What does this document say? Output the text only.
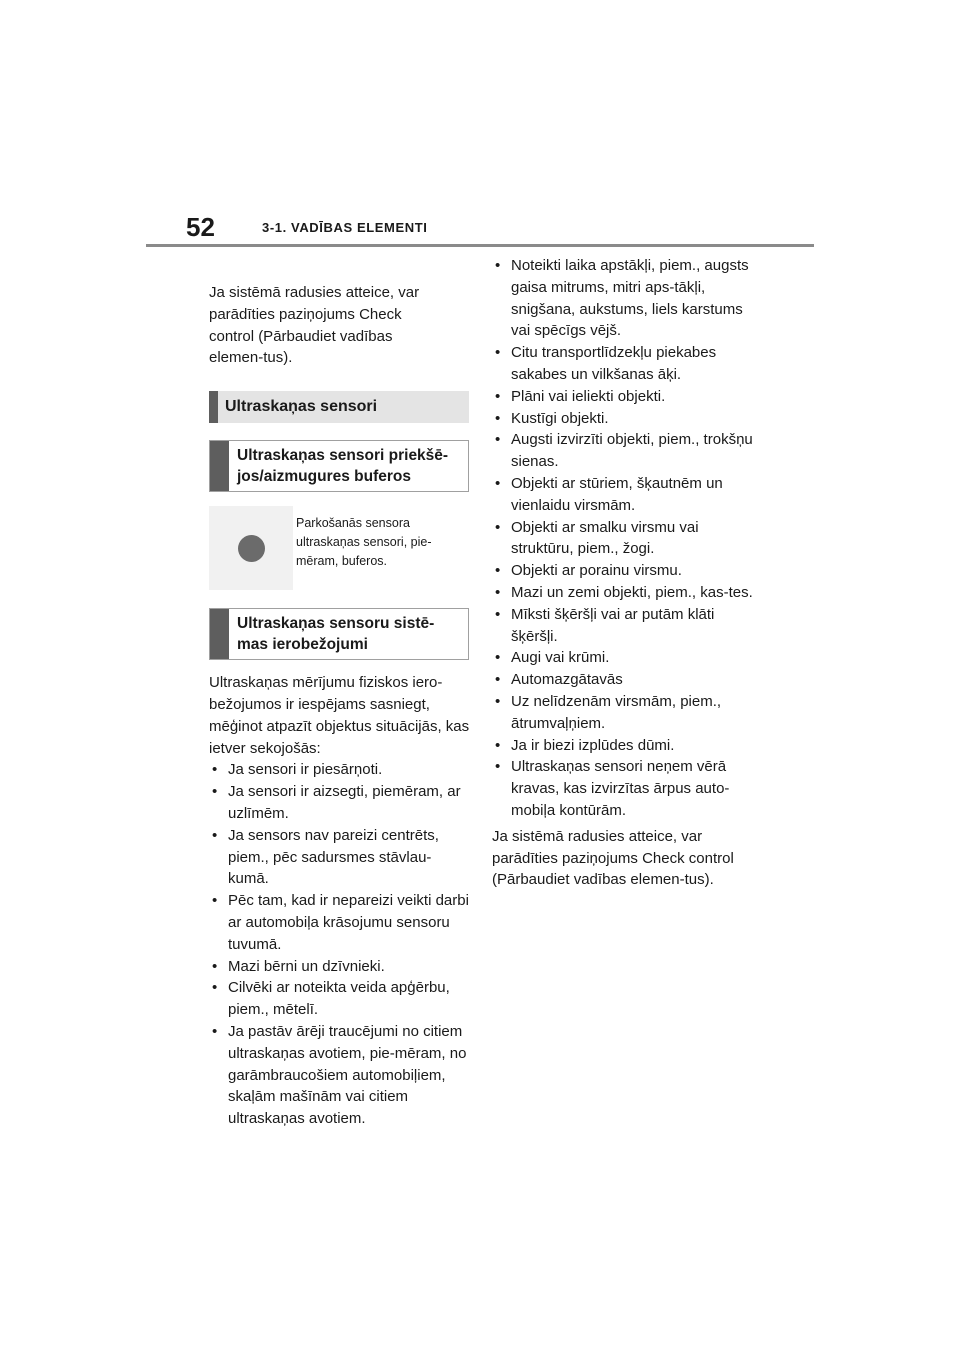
52	3-1. VADĪBAS ELEMENTI

Ja sistēmā radusies atteice, var parādīties paziņojums Check control (Pārbaudiet vadības elemen-tus).

Ultraskaņas sensori
Ultraskaņas sensori priekšē-jos/aizmugures buferos
Parkošanās sensora ultraskaņas sensori, pie-mēram, buferos.
Ultraskaņas sensoru sistē-mas ierobežojumi

Ultraskaņas mērījumu fiziskos iero-bežojumos ir iespējams sasniegt, mēģinot atpazīt objektus situācijās, kas ietver sekojošās:

• Ja sensori ir piesārņoti.
• Ja sensori ir aizsegti, piemēram, ar uzlīmēm.
• Ja sensors nav pareizi centrēts, piem., pēc sadursmes stāvlau-kumā.
• Pēc tam, kad ir nepareizi veikti darbi ar automobiļa krāsojumu sensoru tuvumā.
• Mazi bērni un dzīvnieki.
• Cilvēki ar noteikta veida apģērbu, piem., mētelī.
• Ja pastāv ārēji traucējumi no citiem ultraskaņas avotiem, pie-mēram, no garāmbraucošiem automobiļiem, skaļām mašīnām vai citiem ultraskaņas avotiem.
• Noteikti laika apstākļi, piem., augsts gaisa mitrums, mitri aps-tākļi, snigšana, aukstums, liels karstums vai spēcīgs vējš.
• Citu transportlīdzekļu piekabes sakabes un vilkšanas āķi.
• Plāni vai ieliekti objekti.
• Kustīgi objekti.
• Augsti izvirzīti objekti, piem., trokšņu sienas.
• Objekti ar stūriem, šķautnēm un vienlaidu virsmām.
• Objekti ar smalku virsmu vai struktūru, piem., žogi.
• Objekti ar porainu virsmu.
• Mazi un zemi objekti, piem., kas-tes.
• Mīksti šķēršļi vai ar putām klāti šķēršļi.
• Augi vai krūmi.
• Automazgātavās
• Uz nelīdzenām virsmām, piem., ātrumvaļņiem.
• Ja ir biezi izplūdes dūmi.
• Ultraskaņas sensori neņem vērā kravas, kas izvirzītas ārpus auto-mobiļa kontūrām.

Ja sistēmā radusies atteice, var parādīties paziņojums Check control (Pārbaudiet vadības elemen-tus).
